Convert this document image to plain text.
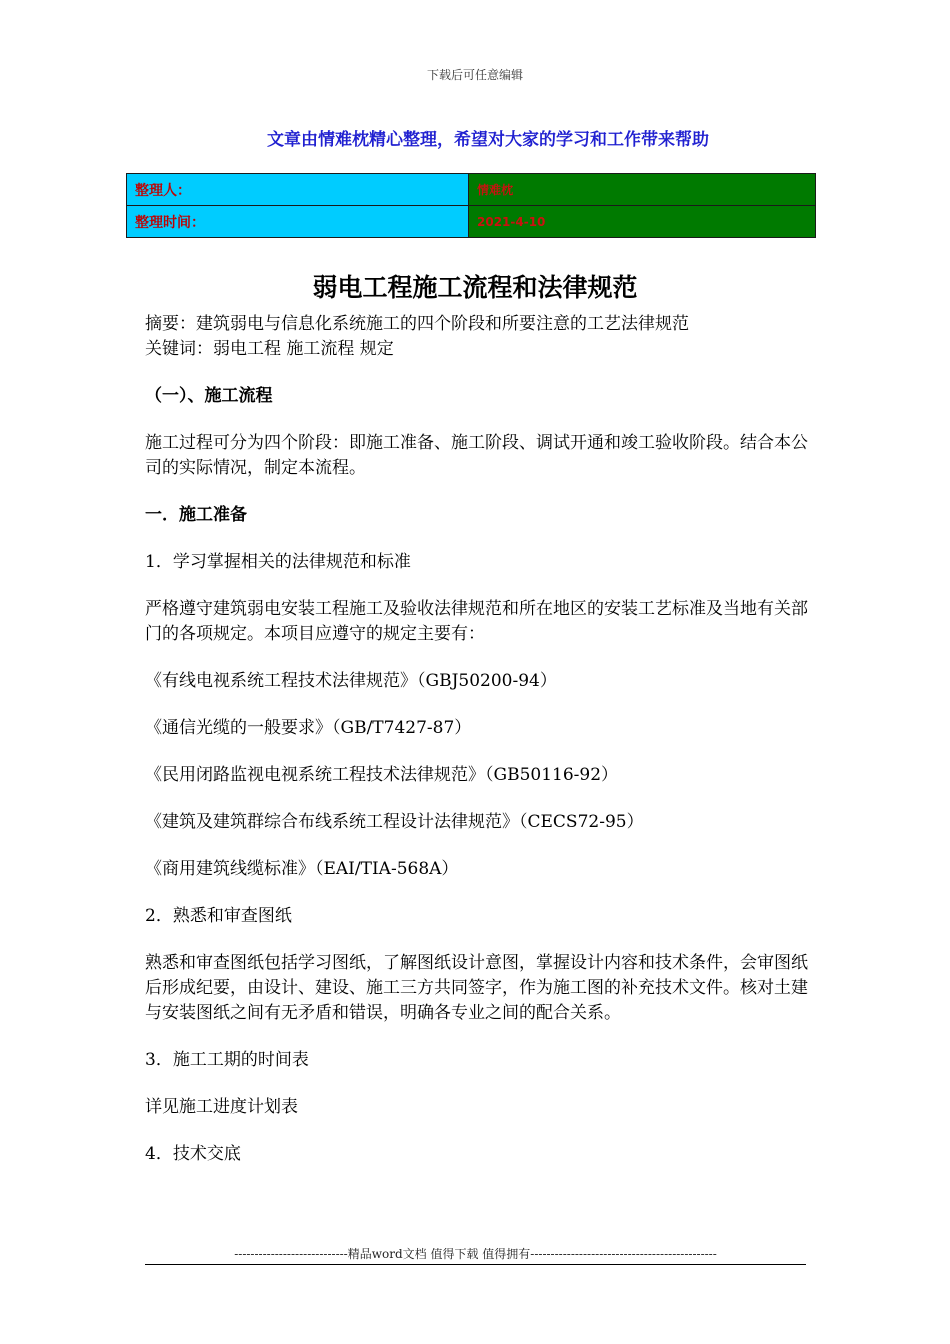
下载后可任意编辑
文章由情难枕精心整理，希望对大家的学习和工作带来帮助
整理人：	情难枕
整理时间：	2021-4-10
弱电工程施工流程和法律规范

摘要：建筑弱电与信息化系统施工的四个阶段和所要注意的工艺法律规范

关键词：弱电工程 施工流程 规定

（一）、施工流程

施工过程可分为四个阶段：即施工准备、施工阶段、调试开通和竣工验收阶段。结合本公司的实际情况，制定本流程。

一．施工准备

1．学习掌握相关的法律规范和标准

严格遵守建筑弱电安装工程施工及验收法律规范和所在地区的安装工艺标准及当地有关部门的各项规定。本项目应遵守的规定主要有：

《有线电视系统工程技术法律规范》（GBJ50200-94）

《通信光缆的一般要求》（GB/T7427-87）

《民用闭路监视电视系统工程技术法律规范》（GB50116-92）

《建筑及建筑群综合布线系统工程设计法律规范》（CECS72-95）

《商用建筑线缆标准》（EAI/TIA-568A）

2．熟悉和审查图纸

熟悉和审查图纸包括学习图纸，了解图纸设计意图，掌握设计内容和技术条件，会审图纸后形成纪要，由设计、建设、施工三方共同签字，作为施工图的补充技术文件。核对土建与安装图纸之间有无矛盾和错误，明确各专业之间的配合关系。

3．施工工期的时间表

详见施工进度计划表

4．技术交底

----------------------------精品word文档 值得下载 值得拥有----------------------------------------------
